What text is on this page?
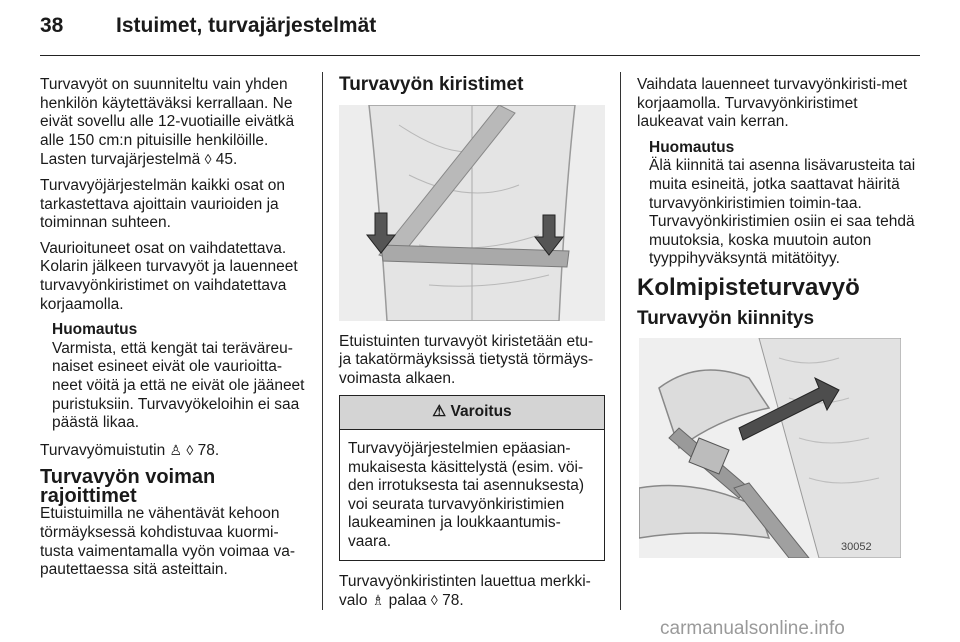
38	Istuimet, turvajärjestelmät

Turvavyöt on suunniteltu vain yhden henkilön käytettäväksi kerrallaan. Ne eivät sovellu alle 12-vuotiaille eivätkä alle 150 cm:n pituisille henkilöille. Lasten turvajärjestelmä ◊ 45.

Turvavyöjärjestelmän kaikki osat on tarkastettava ajoittain vaurioiden ja toiminnan suhteen.

Vaurioituneet osat on vaihdatettava. Kolarin jälkeen turvavyöt ja lauenneet turvavyönkiristimet on vaihdatettava korjaamolla.

Huomautus
Varmista, että kengät tai teräväreu-naiset esineet eivät ole vaurioitta-neet vöitä ja että ne eivät ole jääneet puristuksiin. Turvavyökeloihin ei saa päästä likaa.

Turvavyömuistutin ♙ ◊ 78.

Turvavyön voiman rajoittimet

Etuistuimilla ne vähentävät kehoon törmäyksessä kohdistuvaa kuormi-tusta vaimentamalla vyön voimaa va-pautettaessa sitä asteittain.

Turvavyön kiristimet

Etuistuinten turvavyöt kiristetään etu-ja takatörmäyksissä tietystä törmäys-voimasta alkaen.

⚠ Varoitus
Turvavyöjärjestelmien epäasian-mukaisesta käsittelystä (esim. vöi-den irrotuksesta tai asennuksesta) voi seurata turvavyönkiristimien laukeaminen ja loukkaantumis-vaara.

Turvavyönkiristinten lauettua merkki-valo ♗ palaa ◊ 78.

Vaihdata lauenneet turvavyönkiristi-met korjaamolla. Turvavyönkiristimet laukeavat vain kerran.

Huomautus
Älä kiinnitä tai asenna lisävarusteita tai muita esineitä, jotka saattavat häiritä turvavyönkiristimien toimin-taa. Turvavyönkiristimien osiin ei saa tehdä muutoksia, koska muutoin auton tyyppihyväksyntä mitätöityy.
Kolmipisteturvavyö
Turvavyön kiinnitys
30052
carmanualsonline.info
